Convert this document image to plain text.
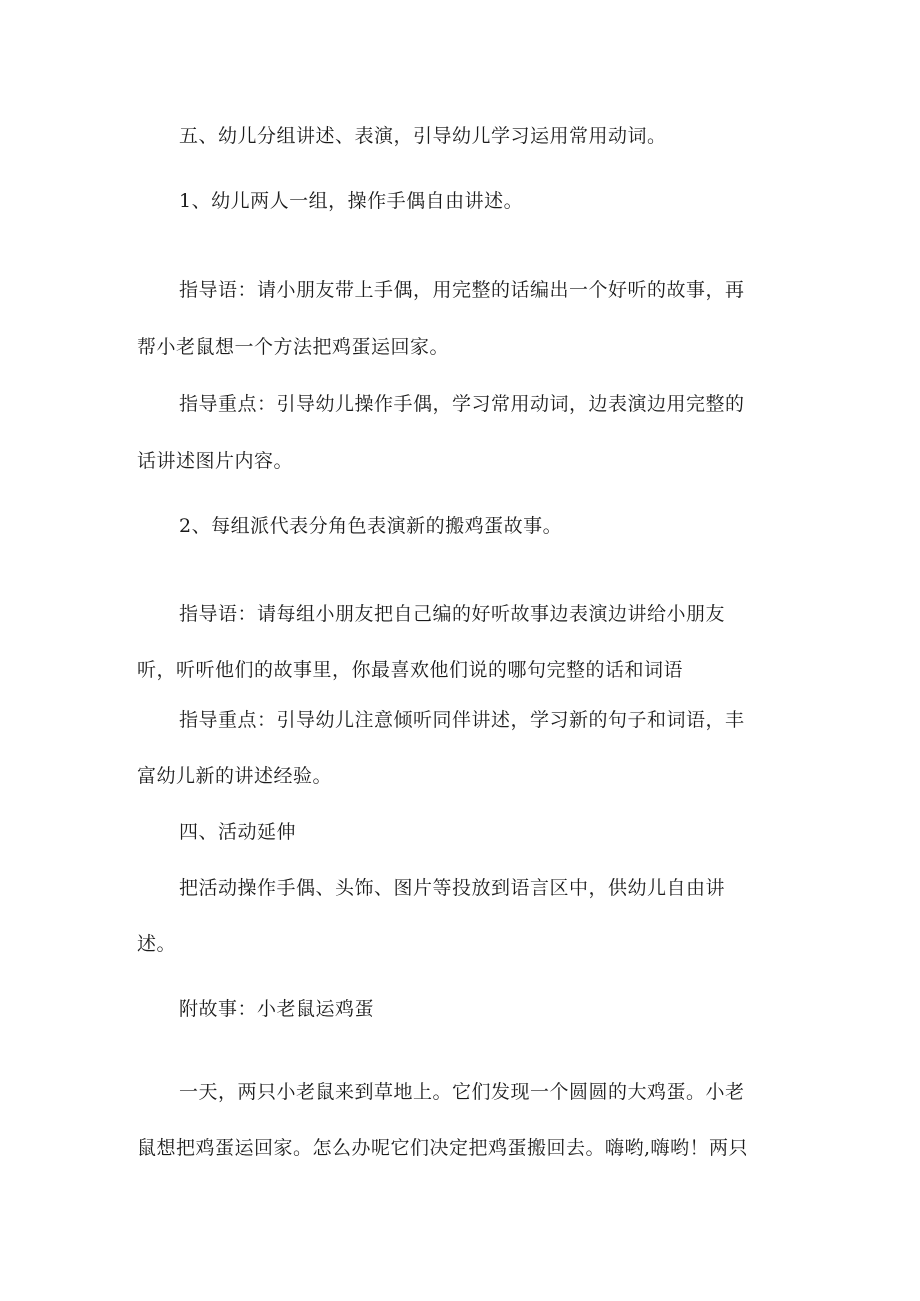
五、幼儿分组讲述、表演，引导幼儿学习运用常用动词。
1、幼儿两人一组，操作手偶自由讲述。
指导语：请小朋友带上手偶，用完整的话编出一个好听的故事，再
帮小老鼠想一个方法把鸡蛋运回家。
指导重点：引导幼儿操作手偶，学习常用动词，边表演边用完整的
话讲述图片内容。
2、每组派代表分角色表演新的搬鸡蛋故事。
指导语：请每组小朋友把自己编的好听故事边表演边讲给小朋友
听，听听他们的故事里，你最喜欢他们说的哪句完整的话和词语
指导重点：引导幼儿注意倾听同伴讲述，学习新的句子和词语，丰
富幼儿新的讲述经验。
四、活动延伸
把活动操作手偶、头饰、图片等投放到语言区中，供幼儿自由讲
述。
附故事：小老鼠运鸡蛋
一天，两只小老鼠来到草地上。它们发现一个圆圆的大鸡蛋。小老
鼠想把鸡蛋运回家。怎么办呢它们决定把鸡蛋搬回去。嗨哟,嗨哟！两只
